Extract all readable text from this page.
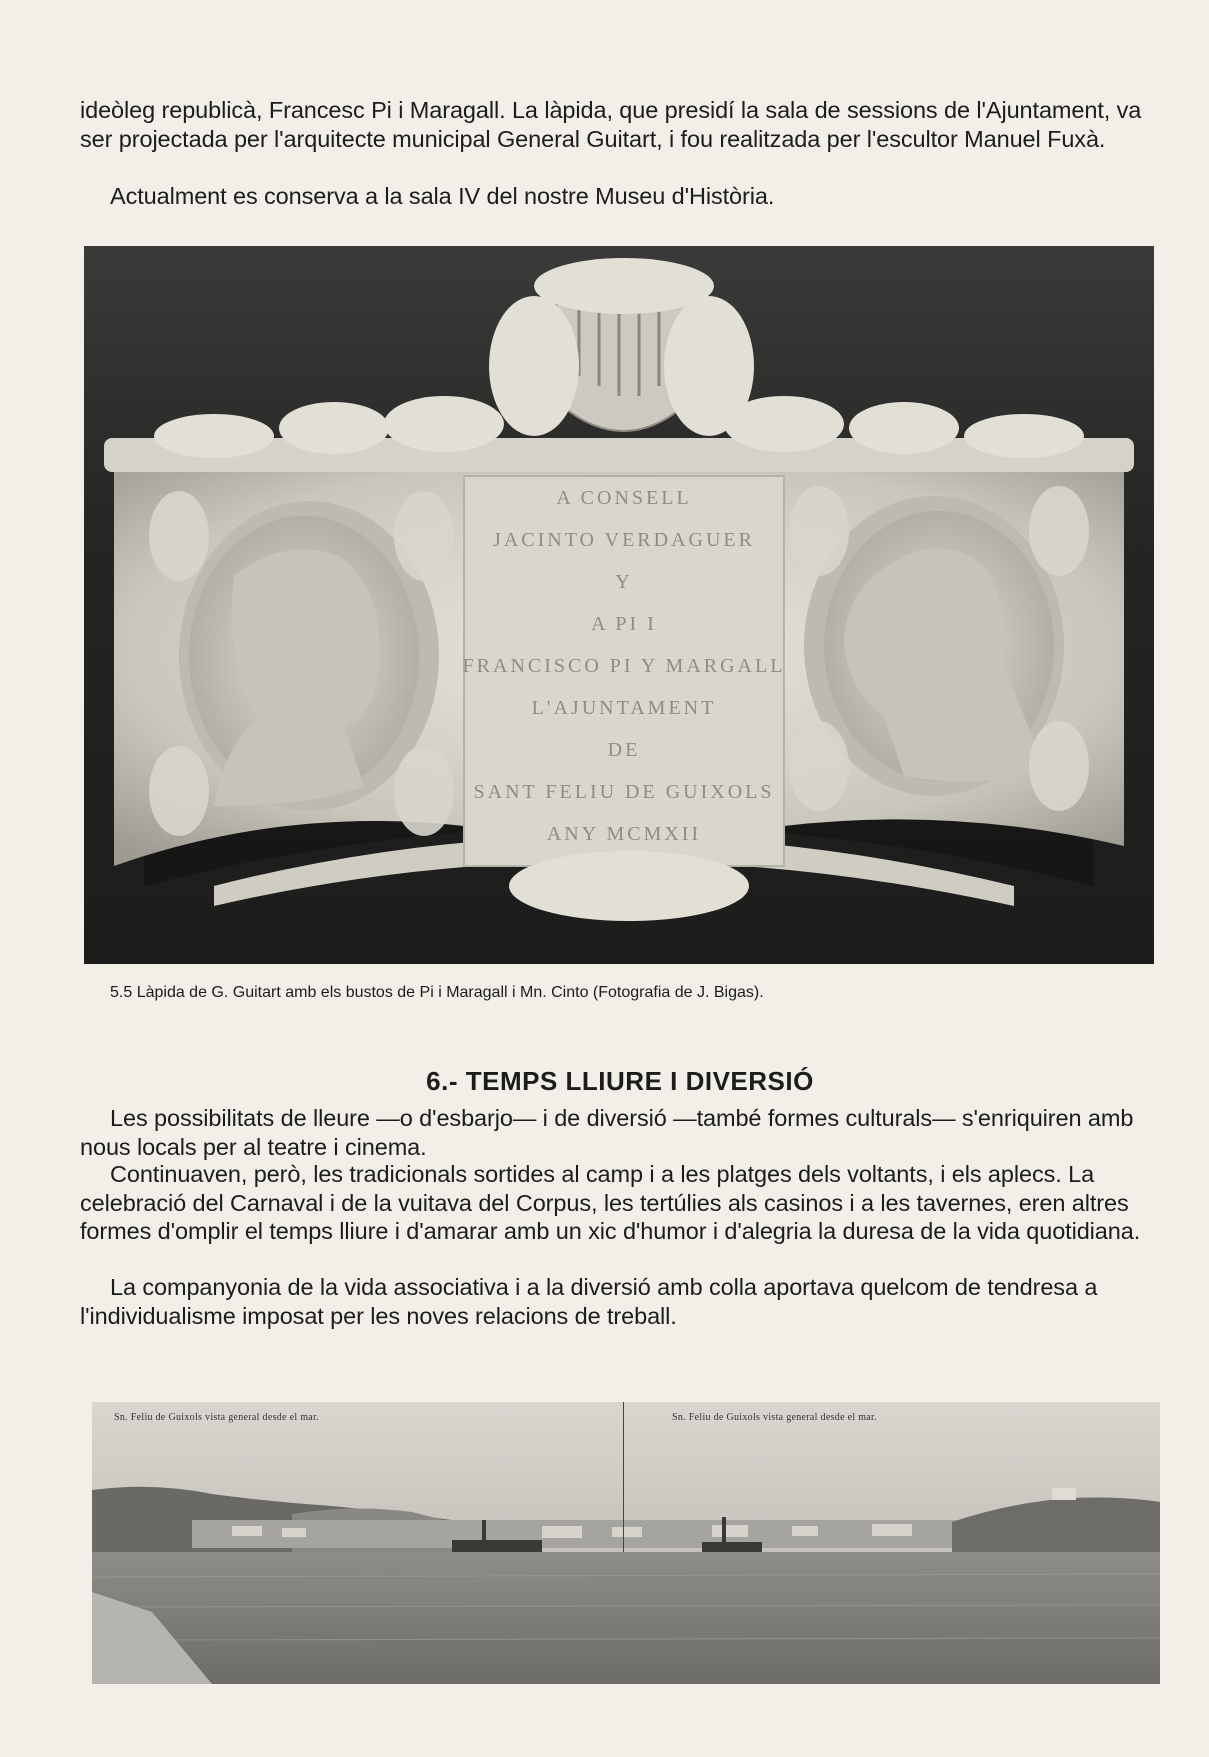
ideòleg republicà, Francesc Pi i Maragall. La làpida, que presidí la sala de sessions de l'Ajuntament, va ser projectada per l'arquitecte municipal General Guitart, i fou realitzada per l'escultor Manuel Fuxà.

Actualment es conserva a la sala IV del nostre Museu d'Història.

A CONSELL
JACINTO VERDAGUER
Y
A PI I
FRANCISCO PI Y MARGALL
L'AJUNTAMENT
DE
SANT FELIU DE GUIXOLS
ANY MCMXII

5.5 Làpida de G. Guitart amb els bustos de Pi i Maragall i Mn. Cinto (Fotografia de J. Bigas).

6.- TEMPS LLIURE I DIVERSIÓ

Les possibilitats de lleure —o d'esbarjo— i de diversió —també formes culturals— s'enriquiren amb nous locals per al teatre i cinema.

Continuaven, però, les tradicionals sortides al camp i a les platges dels voltants, i els aplecs. La celebració del Carnaval i de la vuitava del Corpus, les tertúlies als casinos i a les tavernes, eren altres formes d'omplir el temps lliure i d'amarar amb un xic d'humor i d'alegria la duresa de la vida quotidiana.

La companyonia de la vida associativa i a la diversió amb colla aportava quelcom de tendresa a l'individualisme imposat per les noves relacions de treball.

Sn. Feliu de Guixols vista general desde el mar.	Sn. Feliu de Guixols vista general desde el mar.
